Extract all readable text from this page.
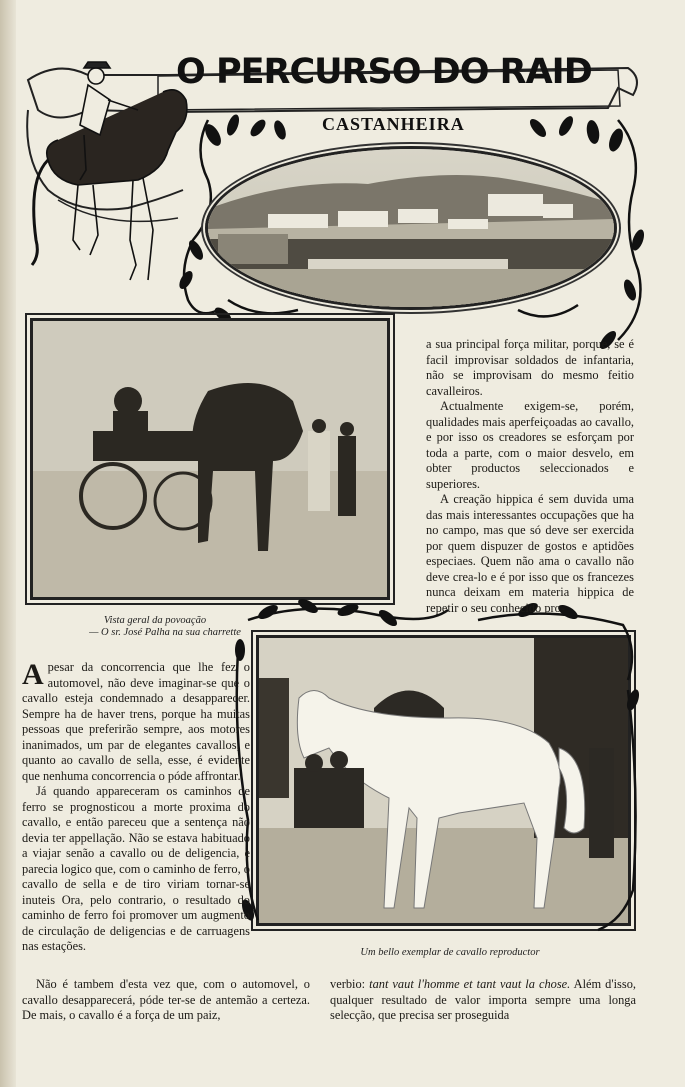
O PERCURSO DO RAID
CASTANHEIRA
Vista geral da povoação
— O sr. José Palha na sua charrette
Um bello exemplar de cavallo reproductor

a sua principal força militar, porque, se é facil improvisar soldados de infantaria, não se improvisam do mesmo feitio cavalleiros.

Actualmente exigem-se, porém, qualidades mais aperfeiçoadas ao cavallo, e por isso os creadores se esforçam por toda a parte, com o maior desvelo, em obter productos seleccionados e superiores.

A creação hippica é sem duvida uma das mais interessantes occupações que ha no campo, mas que só deve ser exercida por quem dispuzer de gostos e aptidões especiaes. Quem não ama o cavallo não deve crea-lo e é por isso que os francezes nunca deixam em materia hippica de repetir o seu conhecido pro-

Apesar da concorrencia que lhe fez o automovel, não deve imaginar-se que o cavallo esteja condemnado a desapparecer. Sempre ha de haver trens, porque ha muitas pessoas que preferirão sempre, aos motores inanimados, um par de elegantes cavallos, e quanto ao cavallo de sella, esse, é evidente que nenhuma concorrencia o póde affrontar.

Já quando appareceram os caminhos de ferro se prognosticou a morte proxima do cavallo, e então pareceu que a sentença não devia ter appellação. Não se estava habituado a viajar senão a cavallo ou de deligencia, e parecia logico que, com o caminho de ferro, o cavallo de sella e de tiro viriam tornar-se inuteis Ora, pelo contrario, o resultado do caminho de ferro foi promover um augmento de circulação de deligencias e de carruagens nas estações.

Não é tambem d'esta vez que, com o automovel, o cavallo desapparecerá, póde ter-se de antemão a certeza. De mais, o cavallo é a força de um paiz,
verbio: tant vaut l'homme et tant vaut la chose. Além d'isso, qualquer resultado de valor importa sempre uma longa selecção, que precisa ser proseguida
